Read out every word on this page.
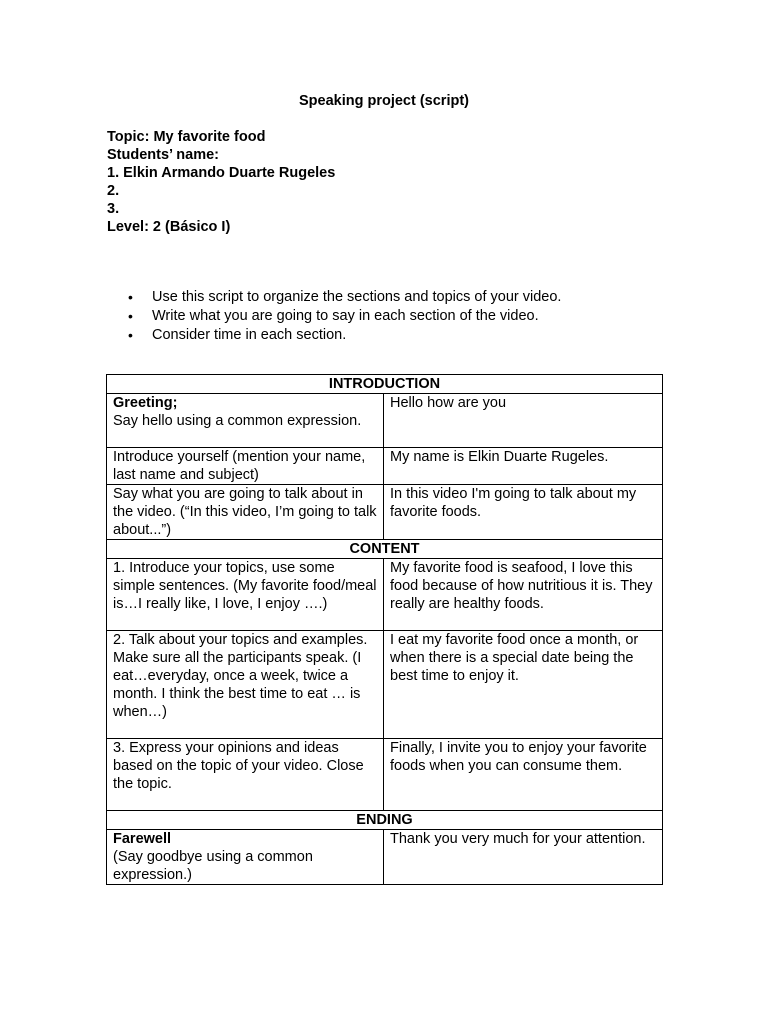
Speaking project (script)
Topic: My favorite food
Students’ name:
1. Elkin Armando Duarte Rugeles
2.
3.
Level: 2 (Básico I)
• Use this script to organize the sections and topics of your video.
• Write what you are going to say in each section of the video.
• Consider time in each section.
INTRODUCTION	

Greeting;
Say hello using a common expression.	Hello how are you
Introduce yourself (mention your name, last name and subject)	My name is Elkin Duarte Rugeles.
Say what you are going to talk about in the video. (“In this video, I’m going to talk about...”)	In this video I'm going to talk about my favorite foods.
CONTENT	
1. Introduce your topics, use some simple sentences. (My favorite food/meal is…I really like, I love, I enjoy ….)	My favorite food is seafood, I love this food because of how nutritious it is. They really are healthy foods.
2. Talk about your topics and examples. Make sure all the participants speak. (I eat…everyday, once a week, twice a month. I think the best time to eat … is when…)	I eat my favorite food once a month, or when there is a special date being the best time to enjoy it.
3. Express your opinions and ideas based on the topic of your video. Close the topic.	Finally, I invite you to enjoy your favorite foods when you can consume them.
ENDING	

Farewell
(Say goodbye using a common expression.)	Thank you very much for your attention.
